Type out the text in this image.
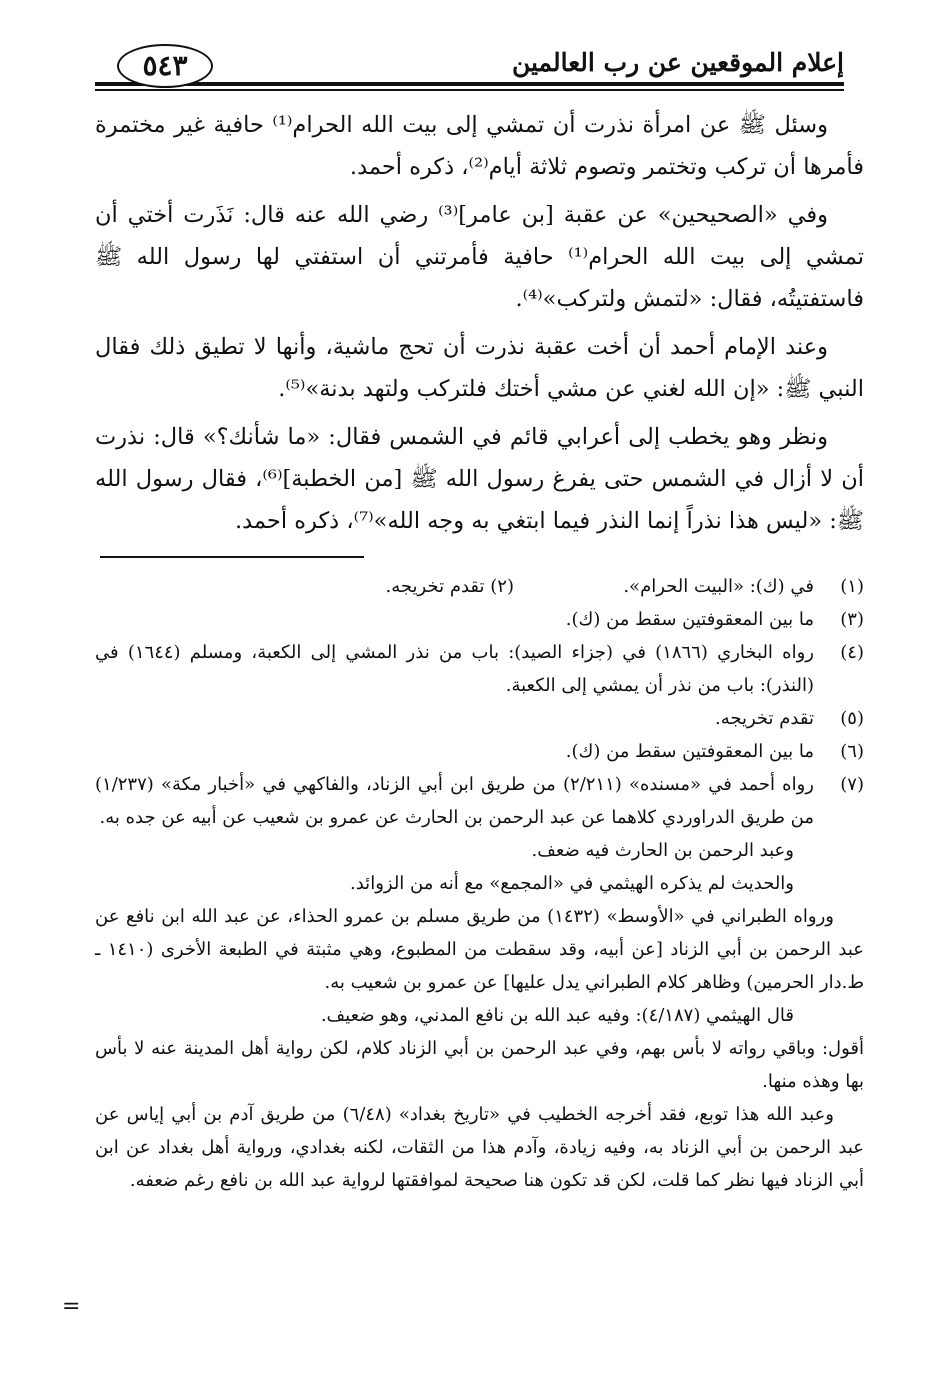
إعلام الموقعين عن رب العالمين
٥٤٣

وسئل ﷺ عن امرأة نذرت أن تمشي إلى بيت الله الحرام⁽¹⁾ حافية غير مختمرة فأمرها أن تركب وتختمر وتصوم ثلاثة أيام⁽²⁾، ذكره أحمد.

وفي «الصحيحين» عن عقبة [بن عامر]⁽³⁾ رضي الله عنه قال: نَذَرت أختي أن تمشي إلى بيت الله الحرام⁽¹⁾ حافية فأمرتني أن استفتي لها رسول الله ﷺ فاستفتيتُه، فقال: «لتمش ولتركب»⁽⁴⁾.

وعند الإمام أحمد أن أخت عقبة نذرت أن تحج ماشية، وأنها لا تطيق ذلك فقال النبي ﷺ: «إن الله لغني عن مشي أختك فلتركب ولتهد بدنة»⁽⁵⁾.

ونظر وهو يخطب إلى أعرابي قائم في الشمس فقال: «ما شأنك؟» قال: نذرت أن لا أزال في الشمس حتى يفرغ رسول الله ﷺ [من الخطبة]⁽⁶⁾، فقال رسول الله ﷺ: «ليس هذا نذراً إنما النذر فيما ابتغي به وجه الله»⁽⁷⁾، ذكره أحمد.

(١)
في (ك): «البيت الحرام».
(٢) تقدم تخريجه.

(٣)
ما بين المعقوفتين سقط من (ك).

(٤)
رواه البخاري (١٨٦٦) في (جزاء الصيد): باب من نذر المشي إلى الكعبة، ومسلم (١٦٤٤) في (النذر): باب من نذر أن يمشي إلى الكعبة.

(٥)
تقدم تخريجه.

(٦)
ما بين المعقوفتين سقط من (ك).

(٧)
رواه أحمد في «مسنده» (٢/٢١١) من طريق ابن أبي الزناد، والفاكهي في «أخبار مكة» (١/٢٣٧) من طريق الدراوردي كلاهما عن عبد الرحمن بن الحارث عن عمرو بن شعيب عن أبيه عن جده به.

وعبد الرحمن بن الحارث فيه ضعف.

والحديث لم يذكره الهيثمي في «المجمع» مع أنه من الزوائد.

ورواه الطبراني في «الأوسط» (١٤٣٢) من طريق مسلم بن عمرو الحذاء، عن عبد الله ابن نافع عن عبد الرحمن بن أبي الزناد [عن أبيه، وقد سقطت من المطبوع، وهي مثبتة في الطبعة الأخرى (١٤١٠ ـ ط.دار الحرمين) وظاهر كلام الطبراني يدل عليها] عن عمرو بن شعيب به.

قال الهيثمي (٤/١٨٧): وفيه عبد الله بن نافع المدني، وهو ضعيف.

أقول: وباقي رواته لا بأس بهم، وفي عبد الرحمن بن أبي الزناد كلام، لكن رواية أهل المدينة عنه لا بأس بها وهذه منها.

وعبد الله هذا توبع، فقد أخرجه الخطيب في «تاريخ بغداد» (٦/٤٨) من طريق آدم بن أبي إياس عن عبد الرحمن بن أبي الزناد به، وفيه زيادة، وآدم هذا من الثقات، لكنه بغدادي، ورواية أهل بغداد عن ابن أبي الزناد فيها نظر كما قلت، لكن قد تكون هنا صحيحة لموافقتها لرواية عبد الله بن نافع رغم ضعفه.

=
